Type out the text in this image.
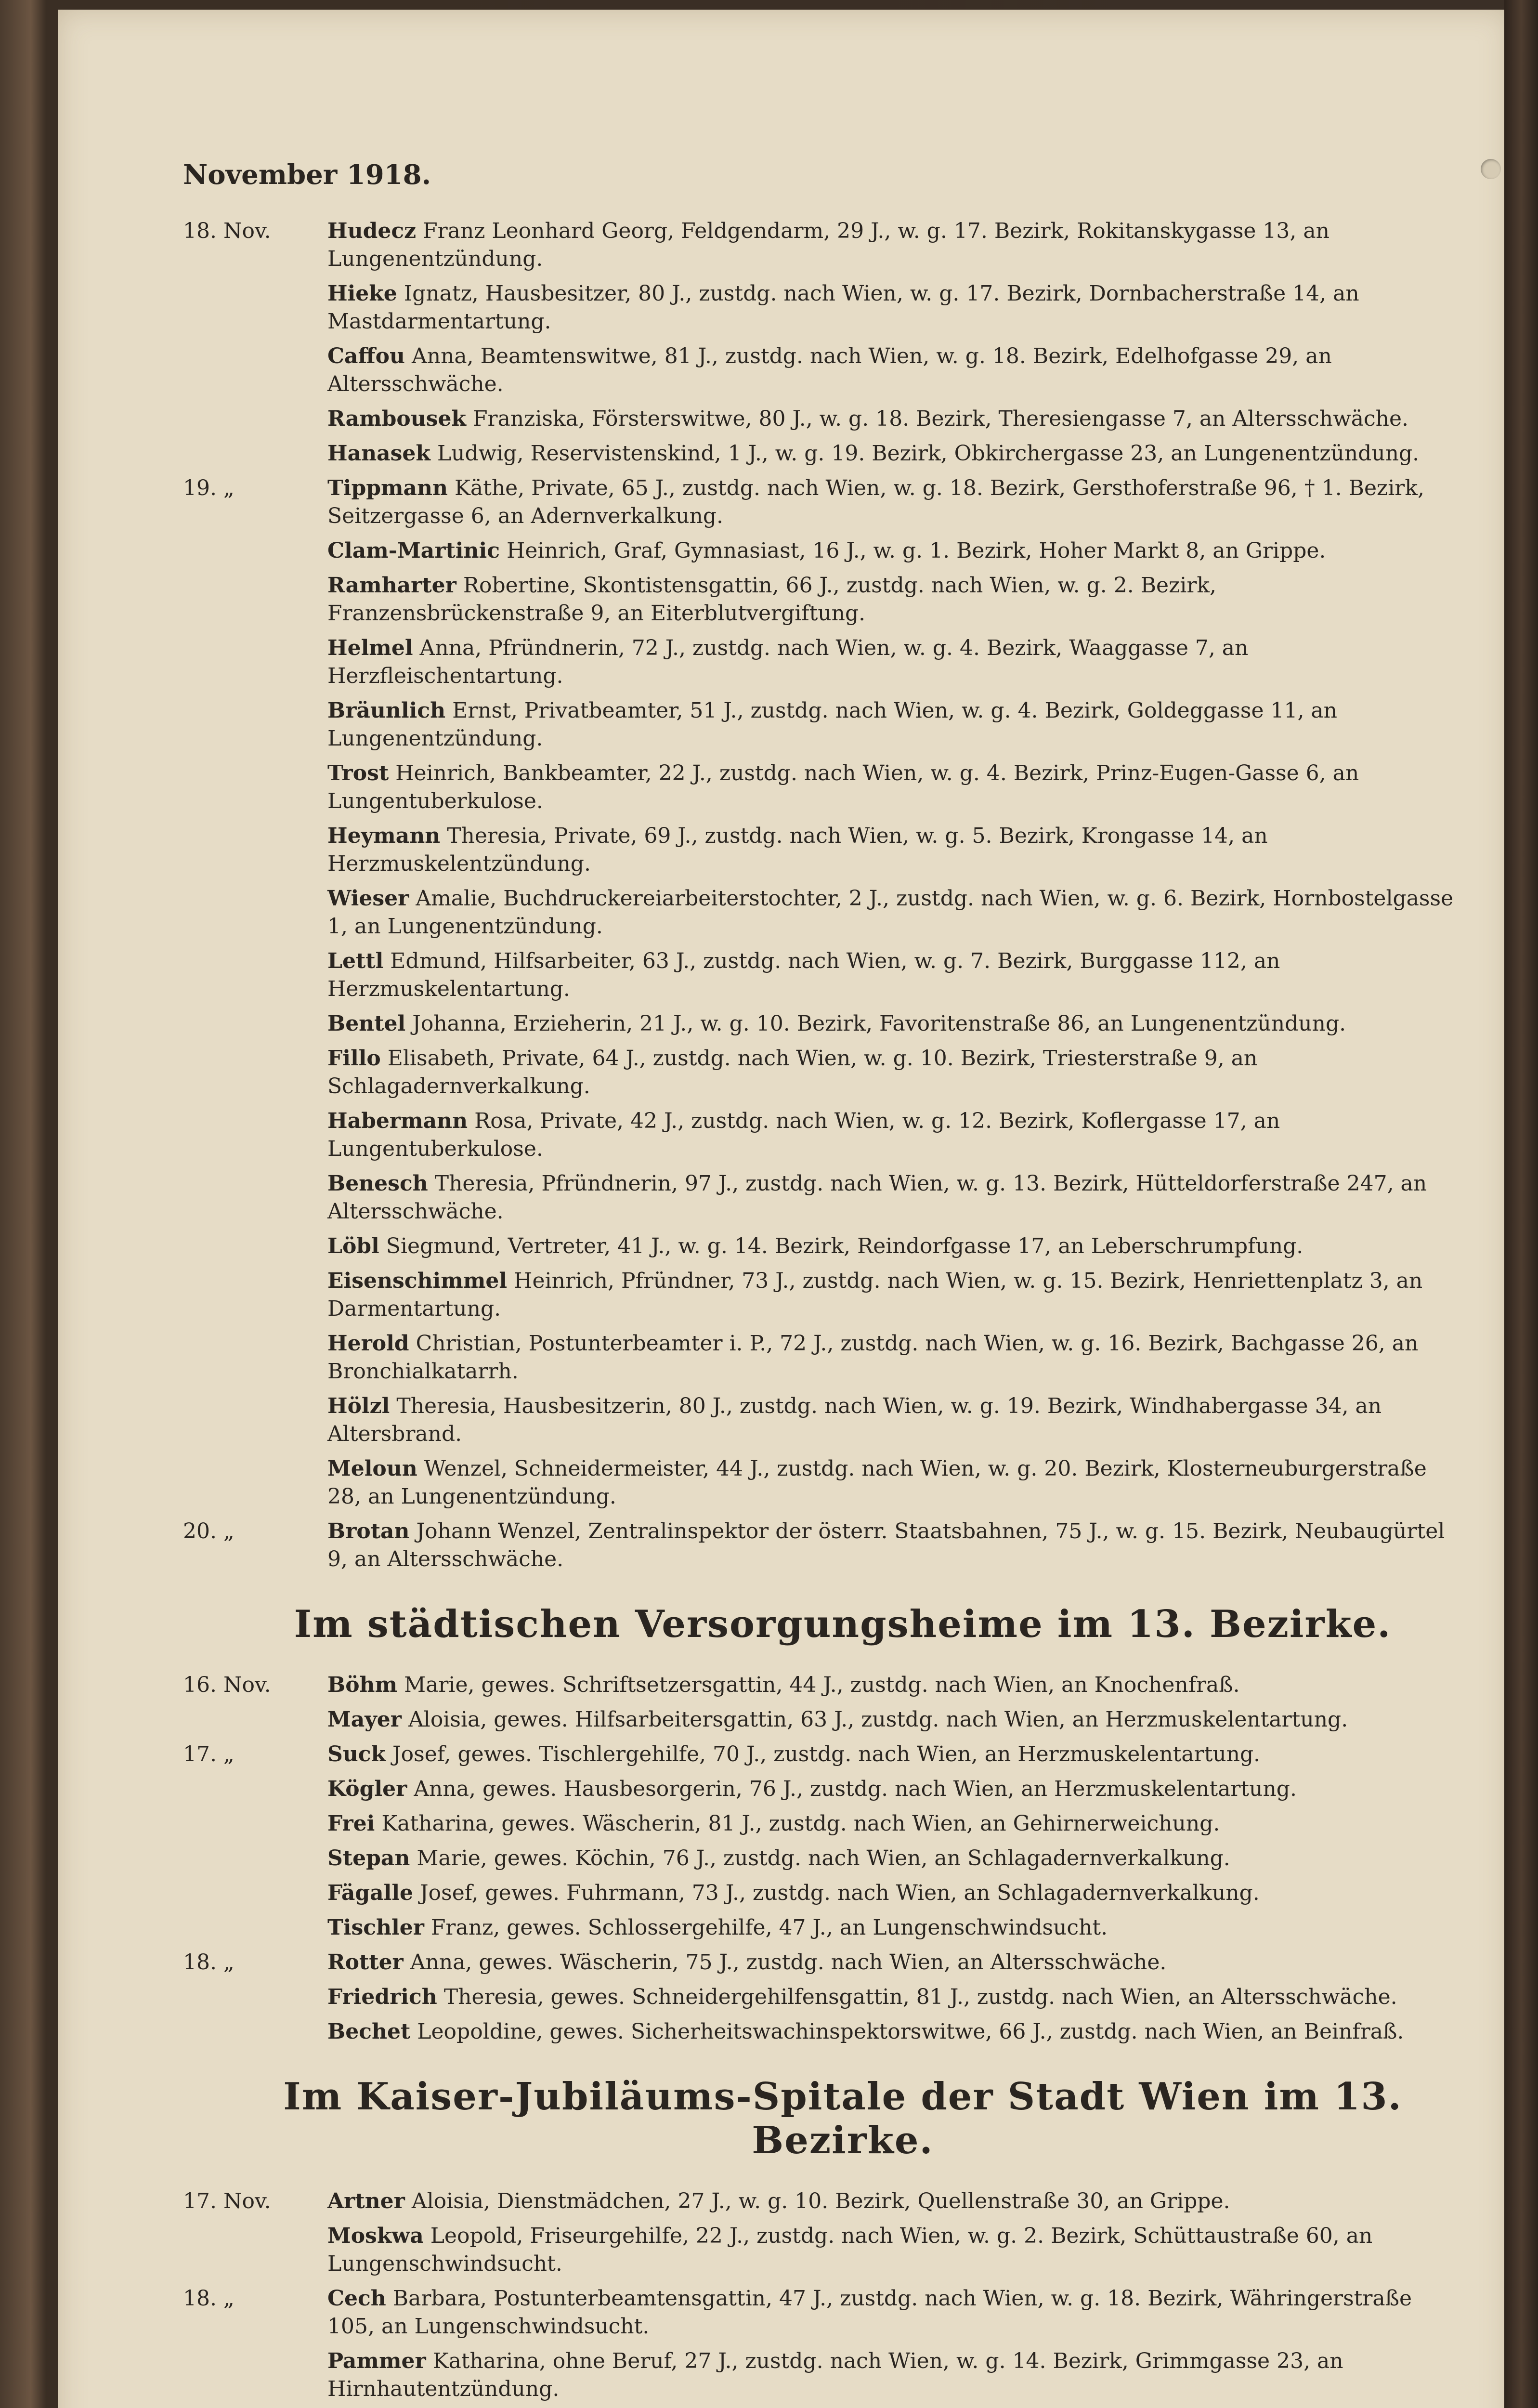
November 1918.
18. Nov.	Hudecz Franz Leonhard Georg, Feldgendarm, 29 J., w. g. 17. Bezirk, Rokitanskygasse 13, an Lungenentzündung.
Hieke Ignatz, Hausbesitzer, 80 J., zustdg. nach Wien, w. g. 17. Bezirk, Dornbacherstraße 14, an Mastdarmentartung.
Caffou Anna, Beamtenswitwe, 81 J., zustdg. nach Wien, w. g. 18. Bezirk, Edelhofgasse 29, an Altersschwäche.
Rambousek Franziska, Försterswitwe, 80 J., w. g. 18. Bezirk, Theresiengasse 7, an Altersschwäche.
Hanasek Ludwig, Reservistenskind, 1 J., w. g. 19. Bezirk, Obkirchergasse 23, an Lungenentzündung.
19. „	Tippmann Käthe, Private, 65 J., zustdg. nach Wien, w. g. 18. Bezirk, Gersthoferstraße 96, † 1. Bezirk, Seitzergasse 6, an Adernverkalkung.
Clam-Martinic Heinrich, Graf, Gymnasiast, 16 J., w. g. 1. Bezirk, Hoher Markt 8, an Grippe.
Ramharter Robertine, Skontistensgattin, 66 J., zustdg. nach Wien, w. g. 2. Bezirk, Franzensbrückenstraße 9, an Eiterblutvergiftung.
Helmel Anna, Pfründnerin, 72 J., zustdg. nach Wien, w. g. 4. Bezirk, Waaggasse 7, an Herzfleischentartung.
Bräunlich Ernst, Privatbeamter, 51 J., zustdg. nach Wien, w. g. 4. Bezirk, Goldeggasse 11, an Lungenentzündung.
Trost Heinrich, Bankbeamter, 22 J., zustdg. nach Wien, w. g. 4. Bezirk, Prinz-Eugen-Gasse 6, an Lungentuberkulose.
Heymann Theresia, Private, 69 J., zustdg. nach Wien, w. g. 5. Bezirk, Krongasse 14, an Herzmuskelentzündung.
Wieser Amalie, Buchdruckereiarbeiterstochter, 2 J., zustdg. nach Wien, w. g. 6. Bezirk, Hornbostelgasse 1, an Lungenentzündung.
Lettl Edmund, Hilfsarbeiter, 63 J., zustdg. nach Wien, w. g. 7. Bezirk, Burggasse 112, an Herzmuskelentartung.
Bentel Johanna, Erzieherin, 21 J., w. g. 10. Bezirk, Favoritenstraße 86, an Lungenentzündung.
Fillo Elisabeth, Private, 64 J., zustdg. nach Wien, w. g. 10. Bezirk, Triesterstraße 9, an Schlagadernverkalkung.
Habermann Rosa, Private, 42 J., zustdg. nach Wien, w. g. 12. Bezirk, Koflergasse 17, an Lungentuberkulose.
Benesch Theresia, Pfründnerin, 97 J., zustdg. nach Wien, w. g. 13. Bezirk, Hütteldorferstraße 247, an Altersschwäche.
Löbl Siegmund, Vertreter, 41 J., w. g. 14. Bezirk, Reindorfgasse 17, an Leberschrumpfung.
Eisenschimmel Heinrich, Pfründner, 73 J., zustdg. nach Wien, w. g. 15. Bezirk, Henriettenplatz 3, an Darmentartung.
Herold Christian, Postunterbeamter i. P., 72 J., zustdg. nach Wien, w. g. 16. Bezirk, Bachgasse 26, an Bronchialkatarrh.
Hölzl Theresia, Hausbesitzerin, 80 J., zustdg. nach Wien, w. g. 19. Bezirk, Windhabergasse 34, an Altersbrand.
Meloun Wenzel, Schneidermeister, 44 J., zustdg. nach Wien, w. g. 20. Bezirk, Klosterneuburgerstraße 28, an Lungenentzündung.
20. „	Brotan Johann Wenzel, Zentralinspektor der österr. Staatsbahnen, 75 J., w. g. 15. Bezirk, Neubaugürtel 9, an Altersschwäche.
Im städtischen Versorgungsheime im 13. Bezirke.
16. Nov.	Böhm Marie, gewes. Schriftsetzersgattin, 44 J., zustdg. nach Wien, an Knochenfraß.
Mayer Aloisia, gewes. Hilfsarbeitersgattin, 63 J., zustdg. nach Wien, an Herzmuskelentartung.
17. „	Suck Josef, gewes. Tischlergehilfe, 70 J., zustdg. nach Wien, an Herzmuskelentartung.
Kögler Anna, gewes. Hausbesorgerin, 76 J., zustdg. nach Wien, an Herzmuskelentartung.
Frei Katharina, gewes. Wäscherin, 81 J., zustdg. nach Wien, an Gehirnerweichung.
Stepan Marie, gewes. Köchin, 76 J., zustdg. nach Wien, an Schlagadernverkalkung.
Fägalle Josef, gewes. Fuhrmann, 73 J., zustdg. nach Wien, an Schlagadernverkalkung.
Tischler Franz, gewes. Schlossergehilfe, 47 J., an Lungenschwindsucht.
18. „	Rotter Anna, gewes. Wäscherin, 75 J., zustdg. nach Wien, an Altersschwäche.
Friedrich Theresia, gewes. Schneidergehilfensgattin, 81 J., zustdg. nach Wien, an Altersschwäche.
Bechet Leopoldine, gewes. Sicherheitswachinspektorswitwe, 66 J., zustdg. nach Wien, an Beinfraß.
Im Kaiser-Jubiläums-Spitale der Stadt Wien im 13. Bezirke.
17. Nov.	Artner Aloisia, Dienstmädchen, 27 J., w. g. 10. Bezirk, Quellenstraße 30, an Grippe.
Moskwa Leopold, Friseurgehilfe, 22 J., zustdg. nach Wien, w. g. 2. Bezirk, Schüttaustraße 60, an Lungenschwindsucht.
18. „	Cech Barbara, Postunterbeamtensgattin, 47 J., zustdg. nach Wien, w. g. 18. Bezirk, Währingerstraße 105, an Lungenschwindsucht.
Pammer Katharina, ohne Beruf, 27 J., zustdg. nach Wien, w. g. 14. Bezirk, Grimmgasse 23, an Hirnhautentzündung.
